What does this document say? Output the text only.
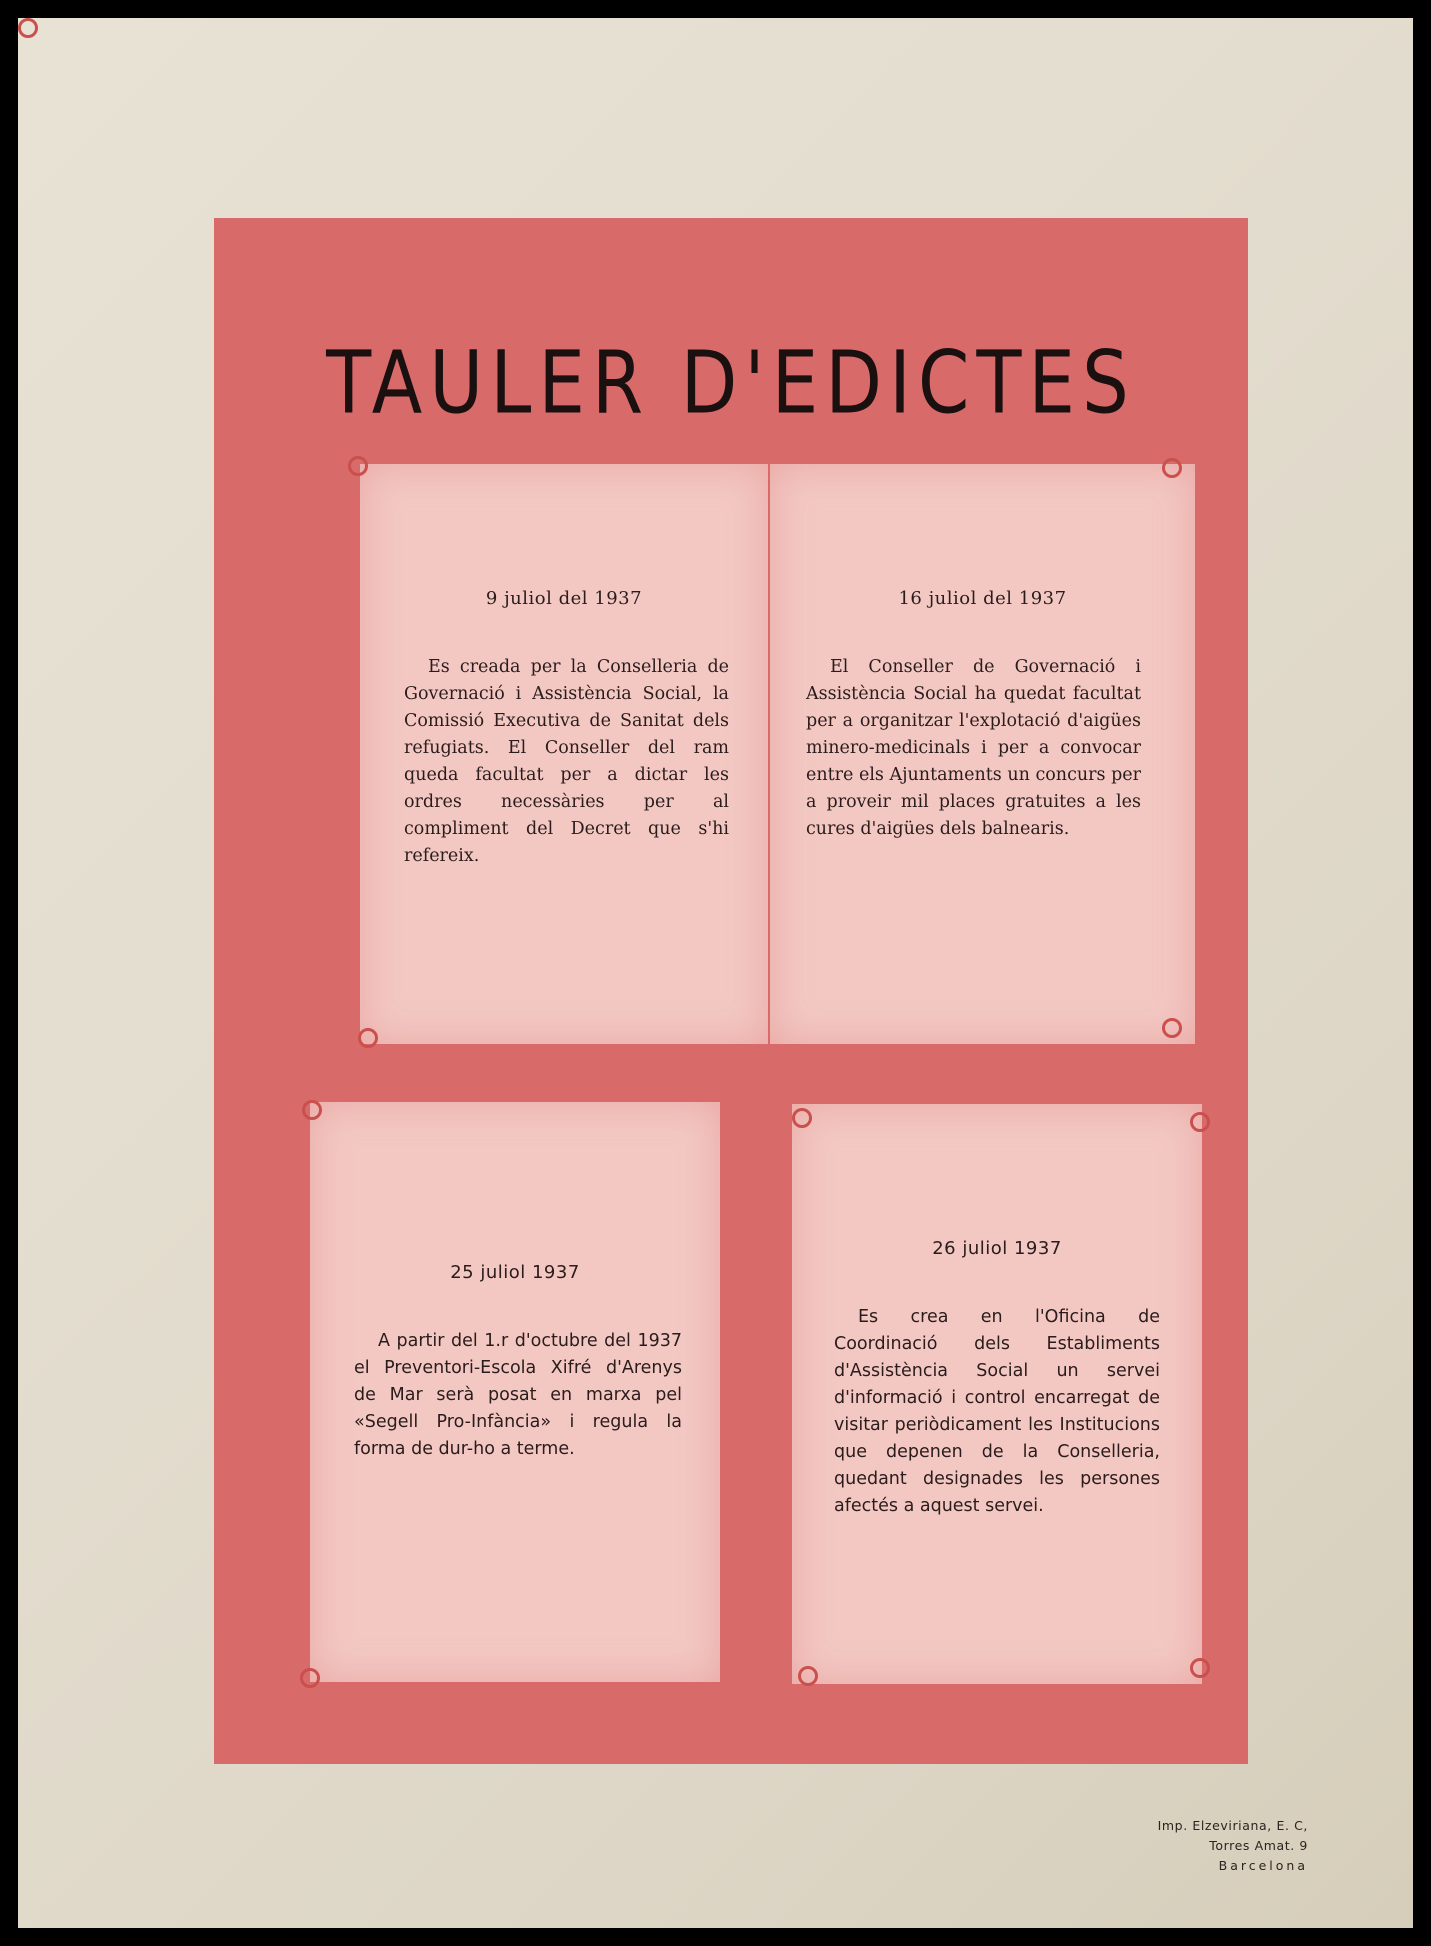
TAULER D'EDICTES
9 juliol del 1937
Es creada per la Conselleria de Governació i Assistència Social, la Comissió Executiva de Sanitat dels refugiats. El Conseller del ram queda facultat per a dictar les ordres necessàries per al compliment del Decret que s'hi refereix.
16 juliol del 1937
El Conseller de Governació i Assistència Social ha quedat facultat per a organitzar l'explotació d'aigües minero-medicinals i per a convocar entre els Ajuntaments un concurs per a proveir mil places gratuites a les cures d'aigües dels balnearis.
25 juliol 1937
A partir del 1.r d'octubre del 1937 el Preventori-Escola Xifré d'Arenys de Mar serà posat en marxa pel «Segell Pro-Infància» i regula la forma de dur-ho a terme.
26 juliol 1937
Es crea en l'Oficina de Coordinació dels Establiments d'Assistència Social un servei d'informació i control encarregat de visitar periòdicament les Institucions que depenen de la Conselleria, quedant designades les persones afectés a aquest servei.
Imp. Elzeviriana, E. C,
Torres Amat. 9
Barcelona
